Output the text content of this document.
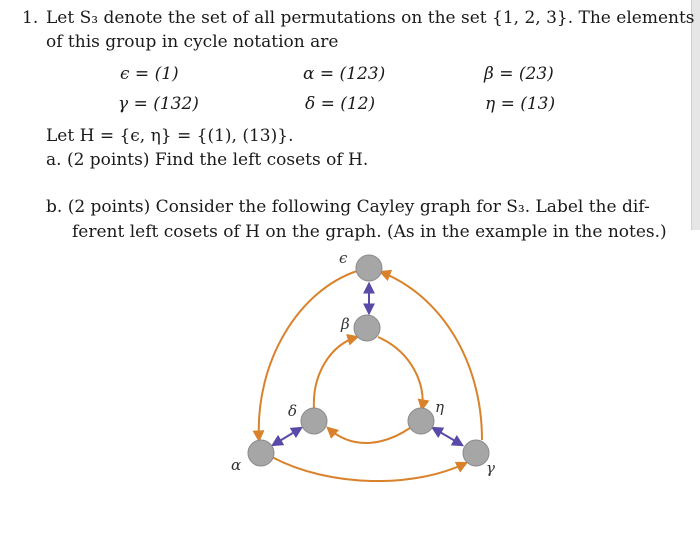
1. Let S₃ denote the set of all permutations on the set {1, 2, 3}. The elements
of this group in cycle notation are
ϵ = (1)	α = (123)	β = (23)
γ = (132)	δ = (12)	η = (13)
Let H = {ϵ, η} = {(1), (13)}.
a. (2 points) Find the left cosets of H.
b. (2 points) Consider the following Cayley graph for S₃. Label the dif-
ferent left cosets of H on the graph. (As in the example in the notes.)
ϵ
β
δ	η
α	γ
